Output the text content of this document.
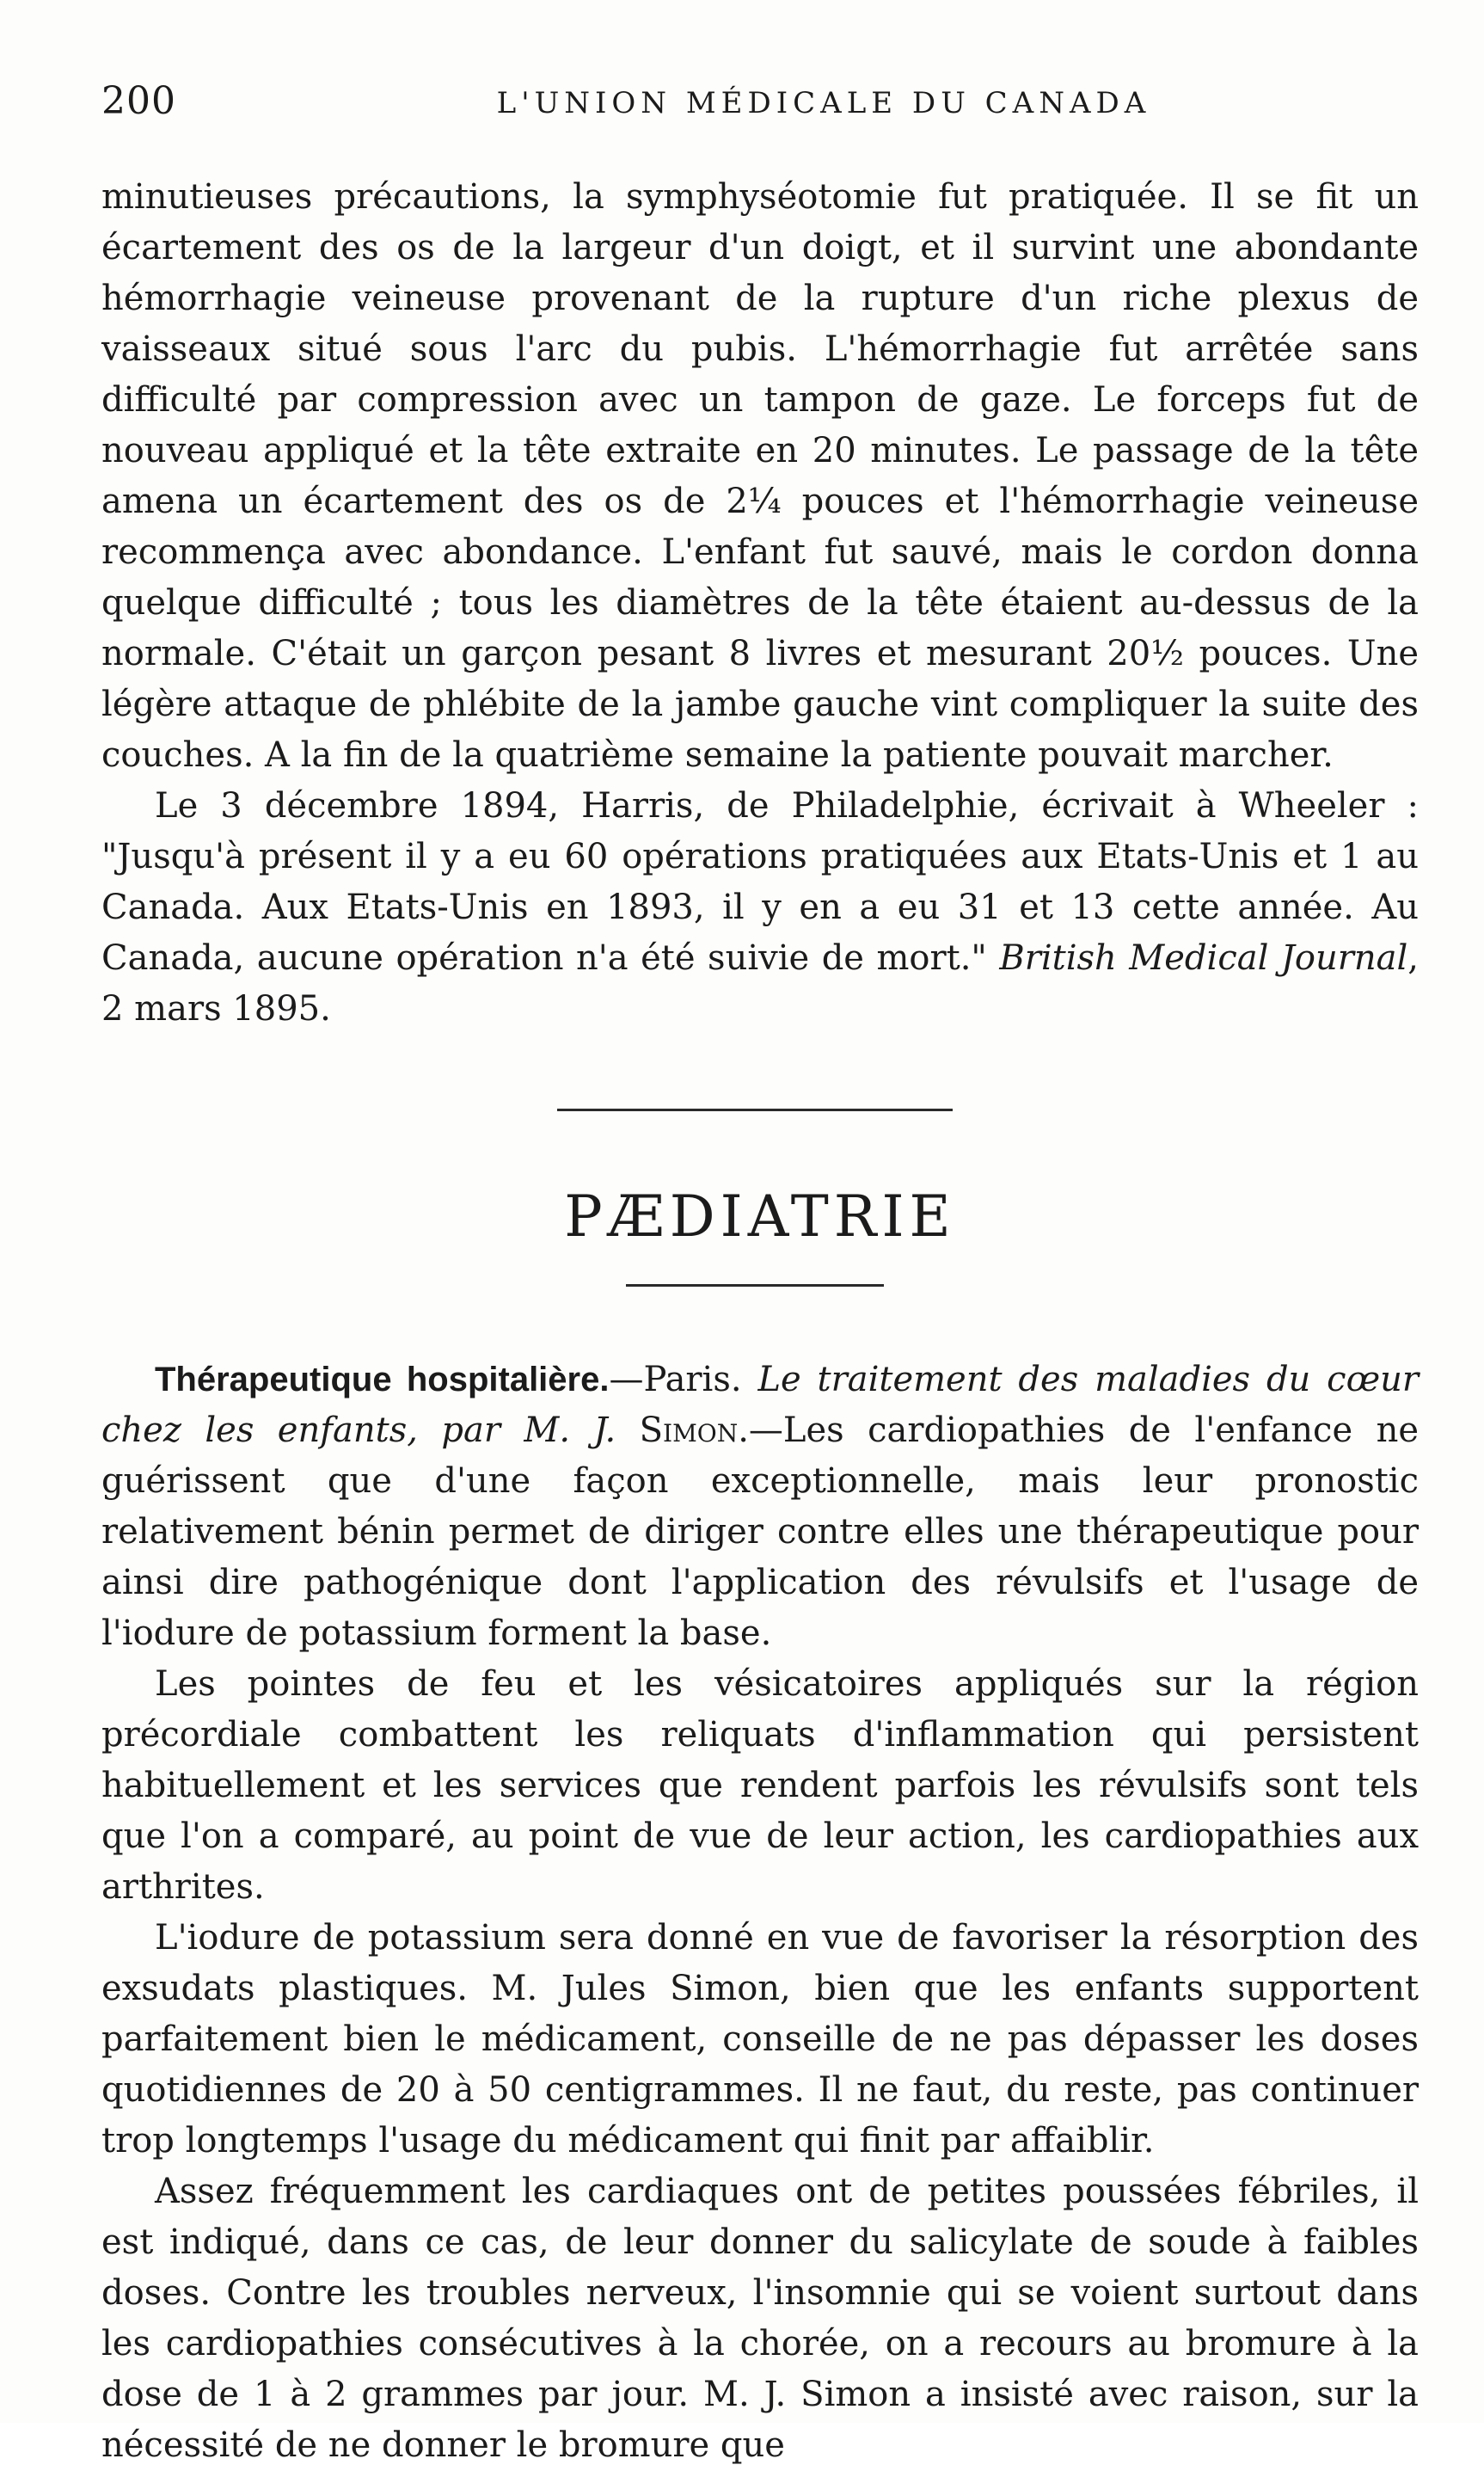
200	L'UNION MÉDICALE DU CANADA

minutieuses précautions, la symphyséotomie fut pratiquée. Il se fit un écartement des os de la largeur d'un doigt, et il survint une abondante hémorrhagie veineuse provenant de la rupture d'un riche plexus de vaisseaux situé sous l'arc du pubis. L'hémorrhagie fut arrêtée sans difficulté par compression avec un tampon de gaze. Le forceps fut de nouveau appliqué et la tête extraite en 20 minutes. Le passage de la tête amena un écartement des os de 2¼ pouces et l'hémorrhagie veineuse recommença avec abondance. L'enfant fut sauvé, mais le cordon donna quelque difficulté ; tous les diamètres de la tête étaient au-dessus de la normale. C'était un garçon pesant 8 livres et mesurant 20½ pouces. Une légère attaque de phlébite de la jambe gauche vint compliquer la suite des couches. A la fin de la quatrième semaine la patiente pouvait marcher.

Le 3 décembre 1894, Harris, de Philadelphie, écrivait à Wheeler : "Jusqu'à présent il y a eu 60 opérations pratiquées aux Etats-Unis et 1 au Canada. Aux Etats-Unis en 1893, il y en a eu 31 et 13 cette année. Au Canada, aucune opération n'a été suivie de mort." British Medical Journal, 2 mars 1895.

PÆDIATRIE

Thérapeutique hospitalière.—Paris. Le traitement des maladies du cœur chez les enfants, par M. J. Simon.—Les cardiopathies de l'enfance ne guérissent que d'une façon exceptionnelle, mais leur pronostic relativement bénin permet de diriger contre elles une thérapeutique pour ainsi dire pathogénique dont l'application des révulsifs et l'usage de l'iodure de potassium forment la base.

Les pointes de feu et les vésicatoires appliqués sur la région précordiale combattent les reliquats d'inflammation qui persistent habituellement et les services que rendent parfois les révulsifs sont tels que l'on a comparé, au point de vue de leur action, les cardiopathies aux arthrites.

L'iodure de potassium sera donné en vue de favoriser la résorption des exsudats plastiques. M. Jules Simon, bien que les enfants supportent parfaitement bien le médicament, conseille de ne pas dépasser les doses quotidiennes de 20 à 50 centigrammes. Il ne faut, du reste, pas continuer trop longtemps l'usage du médicament qui finit par affaiblir.

Assez fréquemment les cardiaques ont de petites poussées fébriles, il est indiqué, dans ce cas, de leur donner du salicylate de soude à faibles doses. Contre les troubles nerveux, l'insomnie qui se voient surtout dans les cardiopathies consécutives à la chorée, on a recours au bromure à la dose de 1 à 2 grammes par jour. M. J. Simon a insisté avec raison, sur la nécessité de ne donner le bromure que
